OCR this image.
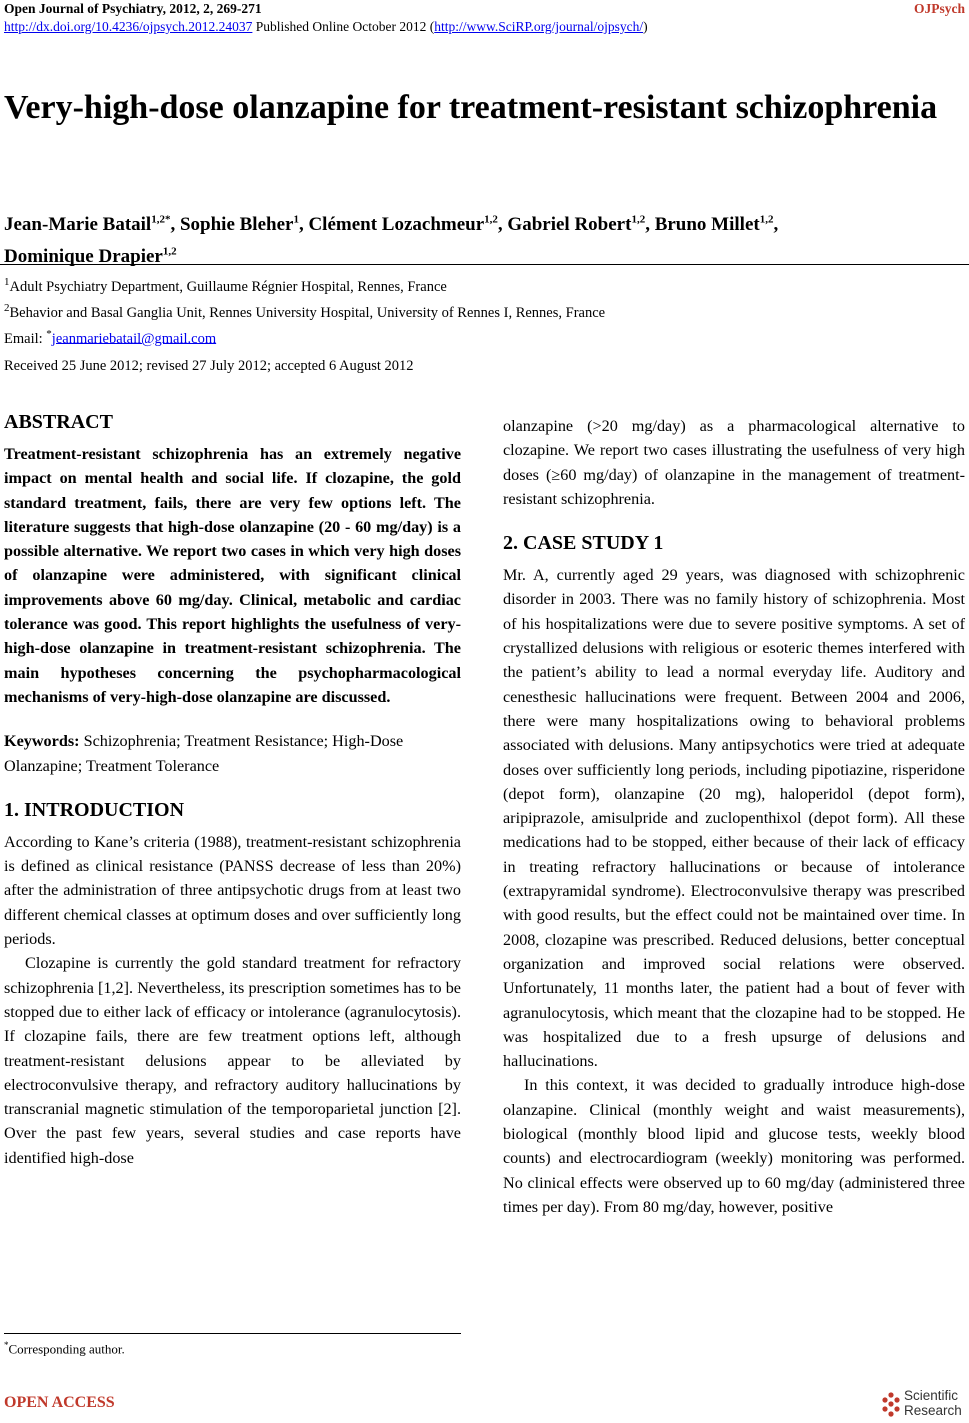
Open Journal of Psychiatry, 2012, 2, 269-271	OJPsych
http://dx.doi.org/10.4236/ojpsych.2012.24037 Published Online October 2012 (http://www.SciRP.org/journal/ojpsych/)
Very-high-dose olanzapine for treatment-resistant schizophrenia
Jean-Marie Batail$^{1,2*}$, Sophie Bleher$^1$, Clément Lozachmeur$^{1,2}$, Gabriel Robert$^{1,2}$, Bruno Millet$^{1,2}$,
Dominique Drapier$^{1,2}$
$^1$Adult Psychiatry Department, Guillaume Régnier Hospital, Rennes, France
$^2$Behavior and Basal Ganglia Unit, Rennes University Hospital, University of Rennes I, Rennes, France
Email: *jeanmariebatail@gmail.com
Received 25 June 2012; revised 27 July 2012; accepted 6 August 2012
ABSTRACT

Treatment-resistant schizophrenia has an extremely negative impact on mental health and social life. If clozapine, the gold standard treatment, fails, there are very few options left. The literature suggests that high-dose olanzapine (20 - 60 mg/day) is a possible alternative. We report two cases in which very high doses of olanzapine were administered, with significant clinical improvements above 60 mg/day. Clinical, metabolic and cardiac tolerance was good. This report highlights the usefulness of very-high-dose olanzapine in treatment-resistant schizophrenia. The main hypotheses concerning the psychopharmacological mechanisms of very-high-dose olanzapine are discussed.

Keywords: Schizophrenia; Treatment Resistance; High-Dose Olanzapine; Treatment Tolerance

1. INTRODUCTION

According to Kane’s criteria (1988), treatment-resistant schizophrenia is defined as clinical resistance (PANSS decrease of less than 20%) after the administration of three antipsychotic drugs from at least two different chemical classes at optimum doses and over sufficiently long periods.

Clozapine is currently the gold standard treatment for refractory schizophrenia [1,2]. Nevertheless, its prescription sometimes has to be stopped due to either lack of efficacy or intolerance (agranulocytosis). If clozapine fails, there are few treatment options left, although treatment-resistant delusions appear to be alleviated by electroconvulsive therapy, and refractory auditory hallucinations by transcranial magnetic stimulation of the temporoparietal junction [2]. Over the past few years, several studies and case reports have identified high-dose

olanzapine (>20 mg/day) as a pharmacological alternative to clozapine. We report two cases illustrating the usefulness of very high doses (≥60 mg/day) of olanzapine in the management of treatment-resistant schizophrenia.

2. CASE STUDY 1

Mr. A, currently aged 29 years, was diagnosed with schizophrenic disorder in 2003. There was no family history of schizophrenia. Most of his hospitalizations were due to severe positive symptoms. A set of crystallized delusions with religious or esoteric themes interfered with the patient’s ability to lead a normal everyday life. Auditory and cenesthesic hallucinations were frequent. Between 2004 and 2006, there were many hospitalizations owing to behavioral problems associated with delusions. Many antipsychotics were tried at adequate doses over sufficiently long periods, including pipotiazine, risperidone (depot form), olanzapine (20 mg), haloperidol (depot form), aripiprazole, amisulpride and zuclopenthixol (depot form). All these medications had to be stopped, either because of their lack of efficacy in treating refractory hallucinations or because of intolerance (extrapyramidal syndrome). Electroconvulsive therapy was prescribed with good results, but the effect could not be maintained over time. In 2008, clozapine was prescribed. Reduced delusions, better conceptual organization and improved social relations were observed. Unfortunately, 11 months later, the patient had a bout of fever with agranulocytosis, which meant that the clozapine had to be stopped. He was hospitalized due to a fresh upsurge of delusions and hallucinations.

In this context, it was decided to gradually introduce high-dose olanzapine. Clinical (monthly weight and waist measurements), biological (monthly blood lipid and glucose tests, weekly blood counts) and electrocardiogram (weekly) monitoring was performed. No clinical effects were observed up to 60 mg/day (administered three times per day). From 80 mg/day, however, positive

*Corresponding author.
OPEN ACCESS	Scientific
Research
